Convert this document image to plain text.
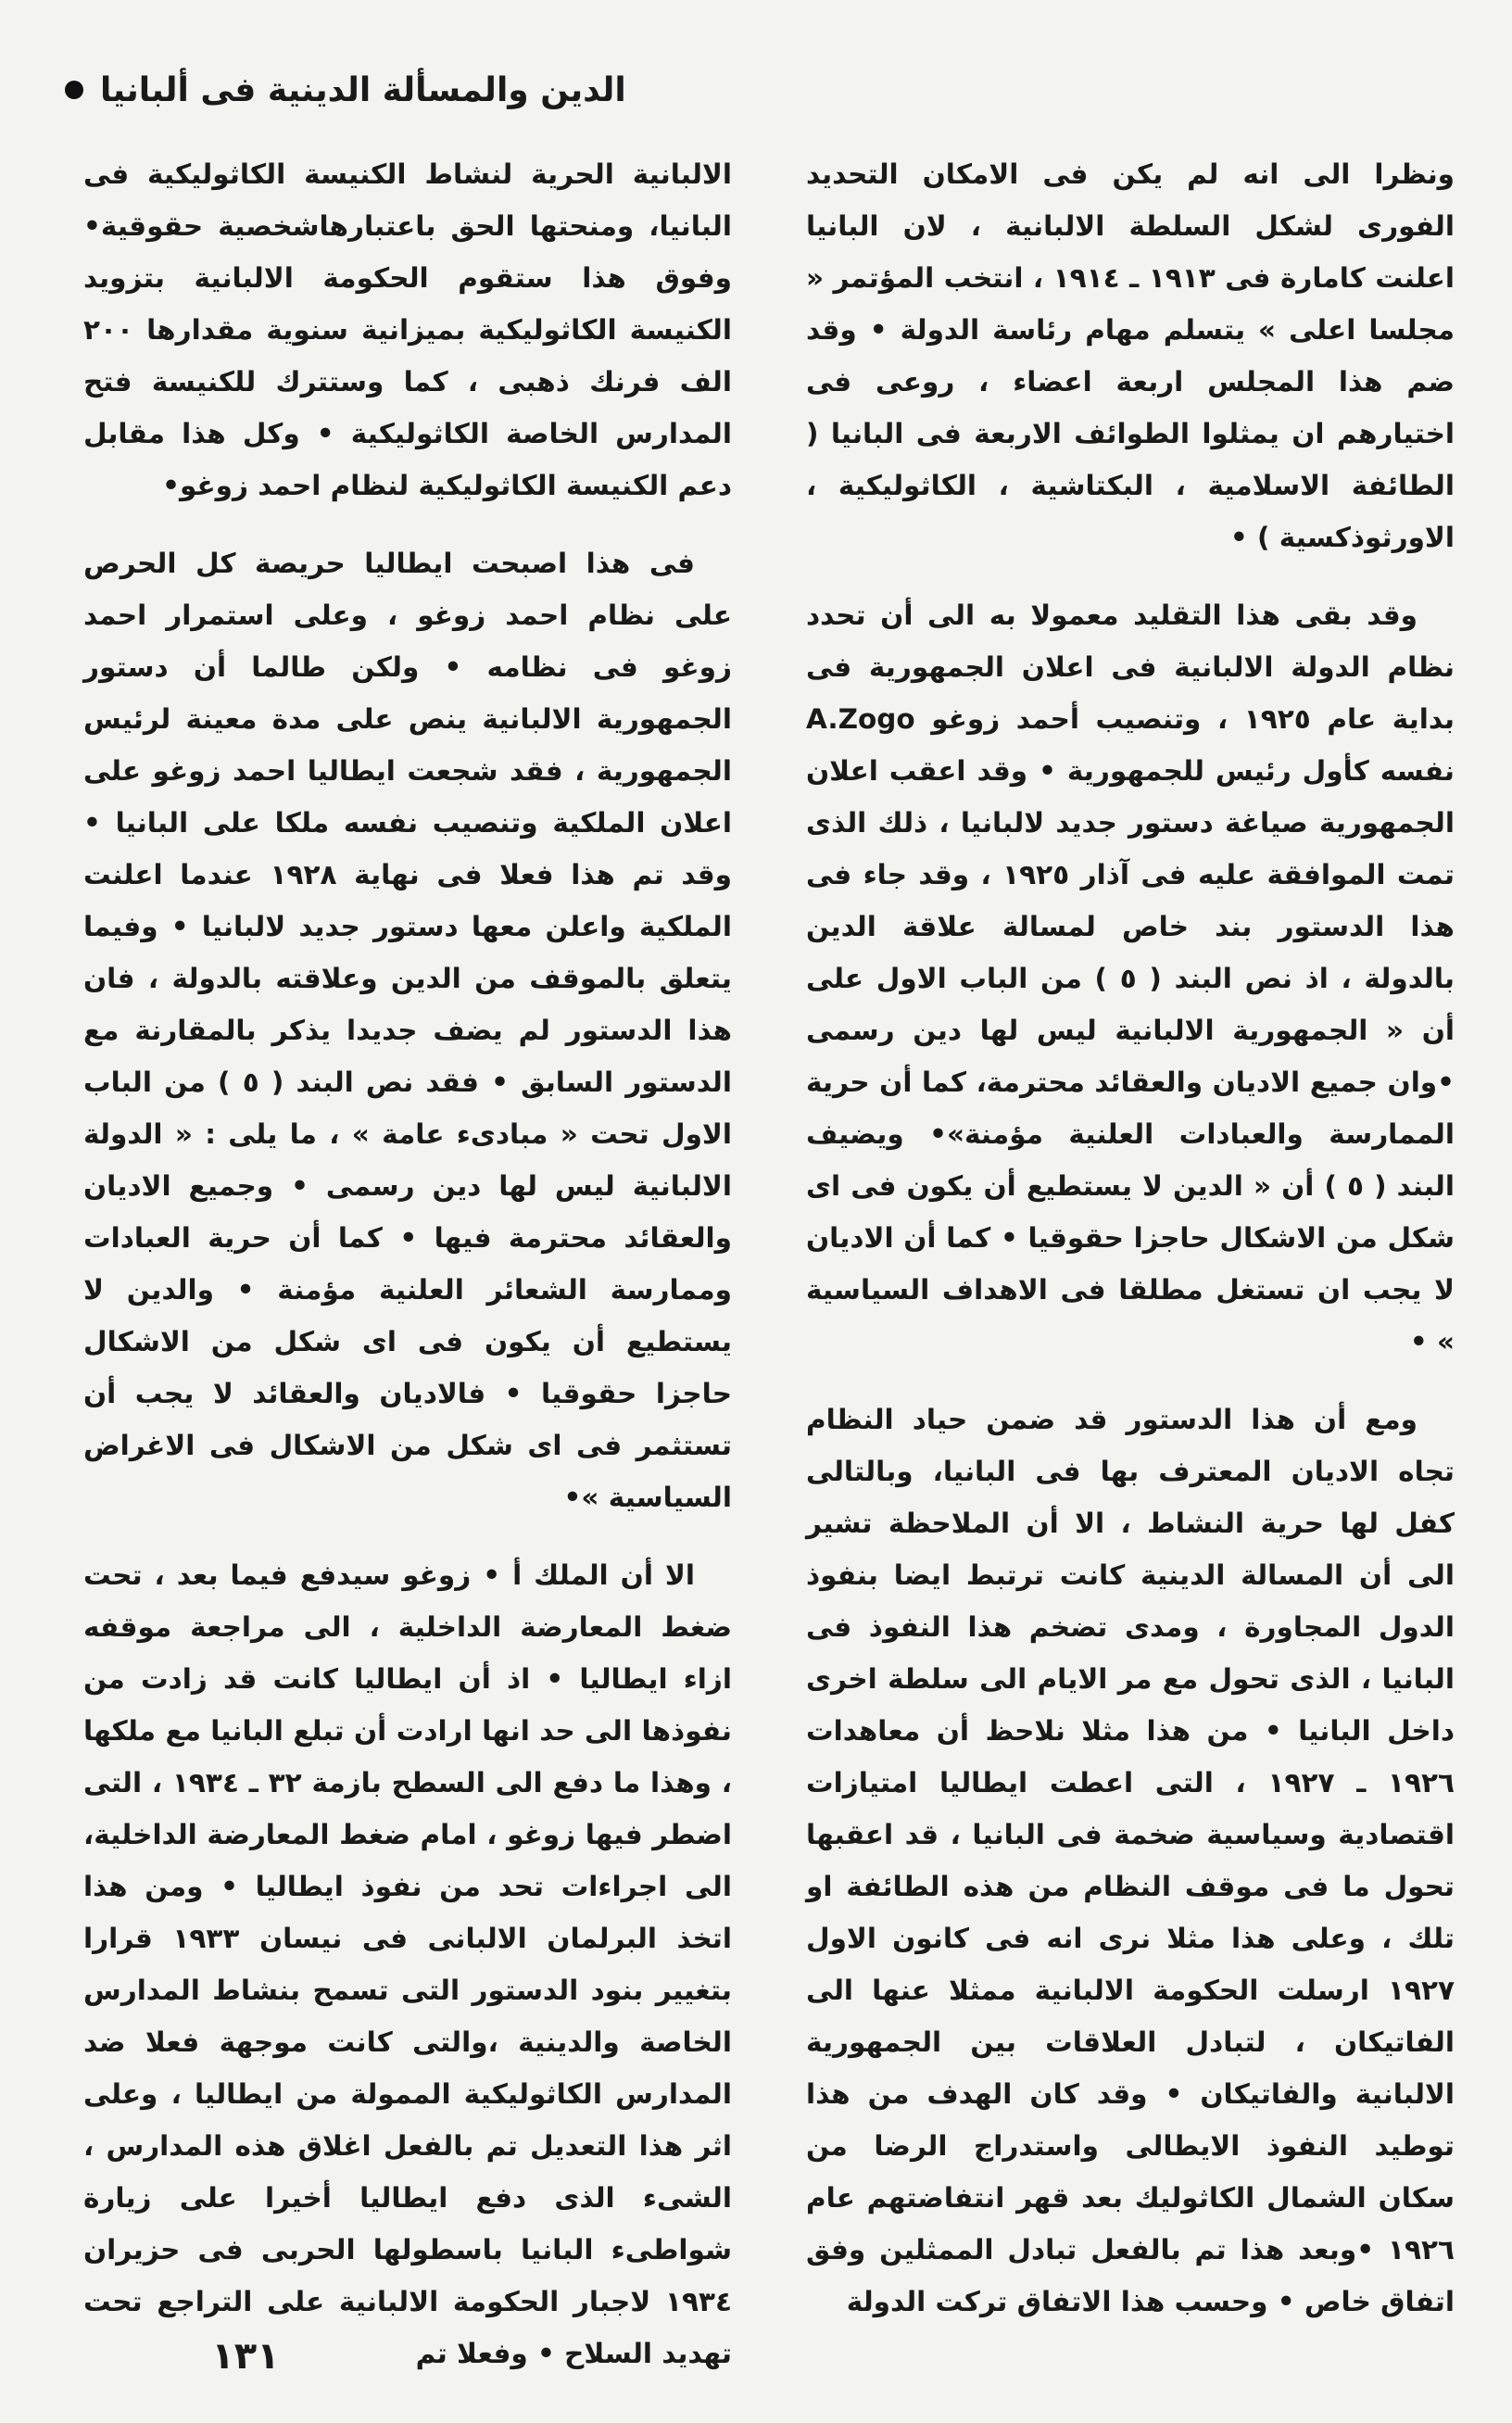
الدين والمسألة الدينية فى ألبانيا

ونظرا الى انه لم يكن فى الامكان التحديد الفورى لشكل السلطة الالبانية ، لان البانيا اعلنت كامارة فى ١٩١٣ ـ ١٩١٤ ، انتخب المؤتمر « مجلسا اعلى » يتسلم مهام رئاسة الدولة • وقد ضم هذا المجلس اربعة اعضاء ، روعى فى اختيارهم ان يمثلوا الطوائف الاربعة فى البانيا ( الطائفة الاسلامية ، البكتاشية ، الكاثوليكية ، الاورثوذكسية ) •

وقد بقى هذا التقليد معمولا به الى أن تحدد نظام الدولة الالبانية فى اعلان الجمهورية فى بداية عام ١٩٢٥ ، وتنصيب أحمد زوغو A.Zogo نفسه كأول رئيس للجمهورية • وقد اعقب اعلان الجمهورية صياغة دستور جديد لالبانيا ، ذلك الذى تمت الموافقة عليه فى آذار ١٩٢٥ ، وقد جاء فى هذا الدستور بند خاص لمسالة علاقة الدين بالدولة ، اذ نص البند ( ٥ ) من الباب الاول على أن « الجمهورية الالبانية ليس لها دين رسمى •وان جميع الاديان والعقائد محترمة، كما أن حرية الممارسة والعبادات العلنية مؤمنة»• ويضيف البند ( ٥ ) أن « الدين لا يستطيع أن يكون فى اى شكل من الاشكال حاجزا حقوقيا • كما أن الاديان لا يجب ان تستغل مطلقا فى الاهداف السياسية » •

ومع أن هذا الدستور قد ضمن حياد النظام تجاه الاديان المعترف بها فى البانيا، وبالتالى كفل لها حرية النشاط ، الا أن الملاحظة تشير الى أن المسالة الدينية كانت ترتبط ايضا بنفوذ الدول المجاورة ، ومدى تضخم هذا النفوذ فى البانيا ، الذى تحول مع مر الايام الى سلطة اخرى داخل البانيا • من هذا مثلا نلاحظ أن معاهدات ١٩٢٦ ـ ١٩٢٧ ، التى اعطت ايطاليا امتيازات اقتصادية وسياسية ضخمة فى البانيا ، قد اعقبها تحول ما فى موقف النظام من هذه الطائفة او تلك ، وعلى هذا مثلا نرى انه فى كانون الاول ١٩٢٧ ارسلت الحكومة الالبانية ممثلا عنها الى الفاتيكان ، لتبادل العلاقات بين الجمهورية الالبانية والفاتيكان • وقد كان الهدف من هذا توطيد النفوذ الايطالى واستدراج الرضا من سكان الشمال الكاثوليك بعد قهر انتفاضتهم عام ١٩٢٦ •وبعد هذا تم بالفعل تبادل الممثلين وفق اتفاق خاص • وحسب هذا الاتفاق تركت الدولة

الالبانية الحرية لنشاط الكنيسة الكاثوليكية فى البانيا، ومنحتها الحق باعتبارهاشخصية حقوقية• وفوق هذا ستقوم الحكومة الالبانية بتزويد الكنيسة الكاثوليكية بميزانية سنوية مقدارها ٢٠٠ الف فرنك ذهبى ، كما وستترك للكنيسة فتح المدارس الخاصة الكاثوليكية • وكل هذا مقابل دعم الكنيسة الكاثوليكية لنظام احمد زوغو•

فى هذا اصبحت ايطاليا حريصة كل الحرص على نظام احمد زوغو ، وعلى استمرار احمد زوغو فى نظامه • ولكن طالما أن دستور الجمهورية الالبانية ينص على مدة معينة لرئيس الجمهورية ، فقد شجعت ايطاليا احمد زوغو على اعلان الملكية وتنصيب نفسه ملكا على البانيا • وقد تم هذا فعلا فى نهاية ١٩٢٨ عندما اعلنت الملكية واعلن معها دستور جديد لالبانيا • وفيما يتعلق بالموقف من الدين وعلاقته بالدولة ، فان هذا الدستور لم يضف جديدا يذكر بالمقارنة مع الدستور السابق • فقد نص البند ( ٥ ) من الباب الاول تحت « مبادىء عامة » ، ما يلى : « الدولة الالبانية ليس لها دين رسمى • وجميع الاديان والعقائد محترمة فيها • كما أن حرية العبادات وممارسة الشعائر العلنية مؤمنة • والدين لا يستطيع أن يكون فى اى شكل من الاشكال حاجزا حقوقيا • فالاديان والعقائد لا يجب أن تستثمر فى اى شكل من الاشكال فى الاغراض السياسية »•

الا أن الملك أ • زوغو سيدفع فيما بعد ، تحت ضغط المعارضة الداخلية ، الى مراجعة موقفه ازاء ايطاليا • اذ أن ايطاليا كانت قد زادت من نفوذها الى حد انها ارادت أن تبلع البانيا مع ملكها ، وهذا ما دفع الى السطح بازمة ٣٢ ـ ١٩٣٤ ، التى اضطر فيها زوغو ، امام ضغط المعارضة الداخلية، الى اجراءات تحد من نفوذ ايطاليا • ومن هذا اتخذ البرلمان الالبانى فى نيسان ١٩٣٣ قرارا بتغيير بنود الدستور التى تسمح بنشاط المدارس الخاصة والدينية ،والتى كانت موجهة فعلا ضد المدارس الكاثوليكية الممولة من ايطاليا ، وعلى اثر هذا التعديل تم بالفعل اغلاق هذه المدارس ، الشىء الذى دفع ايطاليا أخيرا على زيارة شواطىء البانيا باسطولها الحربى فى حزيران ١٩٣٤ لاجبار الحكومة الالبانية على التراجع تحت تهديد السلاح • وفعلا تم

١٣١
